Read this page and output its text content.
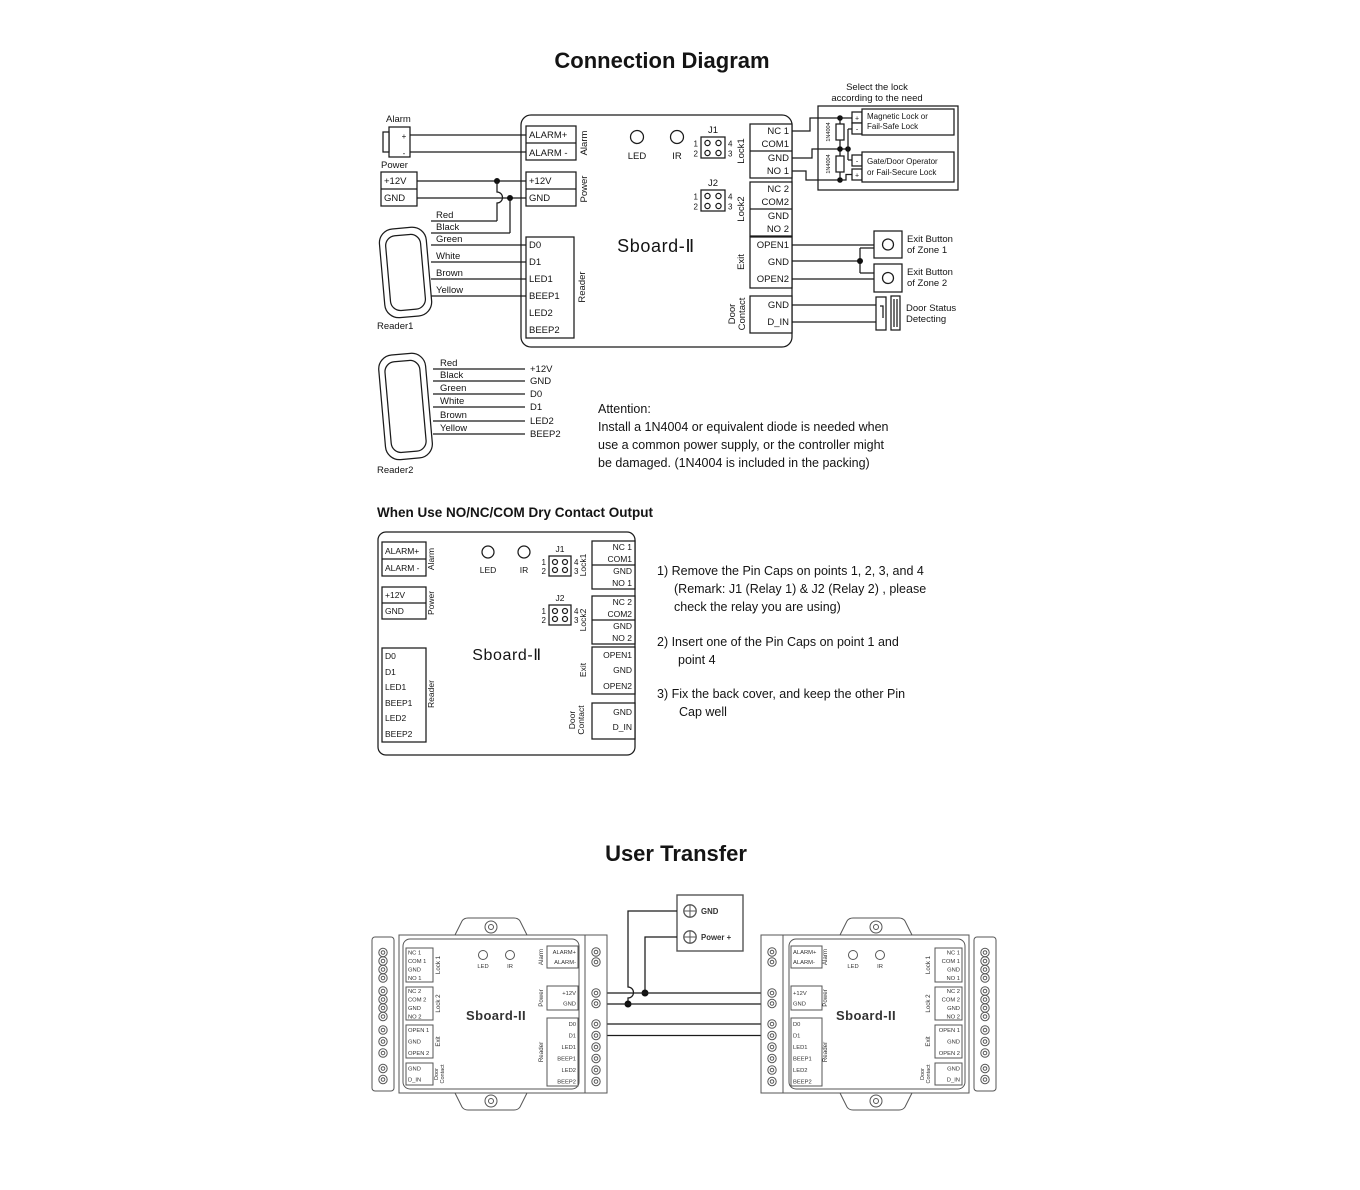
Connection Diagram
ALARM+
ALARM - Alarm
+12V
GND	Power
D0
D1
LED1
BEEP1
LED2
BEEP2
Reader
LED	IR
J1
1
2
4
3
J2
1
2
4
3
Sboard-Ⅱ
NC 1
COM1
GND
NO 1
Lock1
NC 2
COM2
GND
NO 2
Lock2
OPEN1
GND
OPEN2
Exit
GND
D_IN
Door Contact
Alarm
+
-
Power
+12V
GND
Reader1
Red
Black
Green
White
Brown
Yellow
Reader2
Red
Black
Green
White
Brown
Yellow
+12V
GND
D0
D1
LED2
BEEP2
Select the lock
according to the need
1N4004
1N4004
+
-
Magnetic Lock or
Fail-Safe Lock
-
+
Gate/Door Operator
or Fail-Secure Lock
Exit Button
of Zone 1
Exit Button
of Zone 2
Door Status
Detecting
Attention:
Install a 1N4004 or equivalent diode is needed when
use a common power supply, or the controller might
be damaged. (1N4004 is included in the packing)
When Use NO/NC/COM Dry Contact Output
ALARM+
ALARM - Alarm
+12V
GND	Power
D0
D1
LED1
BEEP1
LED2
BEEP2
Reader
LED	IR
J1
1
2
4
3
J2
1
2
4
3
Sboard-Ⅱ
NC 1
COM1
GND
NO 1
Lock1
NC 2
COM2
GND
NO 2
Lock2
OPEN1
GND
OPEN2
Exit
GND
D_IN
Door Contact
1) Remove the Pin Caps on points 1, 2, 3, and 4
(Remark: J1 (Relay 1) & J2 (Relay 2) , please
check the relay you are using)
2) Insert one of the Pin Caps on point 1 and
point 4
3) Fix the back cover, and keep the other Pin
Cap well
User Transfer
GND
Power +
NC 1
COM 1
GND
NO 1
Lock 1
NC 2
COM 2
GND
NO 2
Lock 2
OPEN 1
GND
OPEN 2
Exit
GND
D_IN
Door Contact
LED	IR
Sboard-II
ALARM+
ALARM-
Alarm
+12V
GND
Power
D0
D1
LED1
BEEP1
LED2
BEEP2
Reader
ALARM+
ALARM- Alarm
+12V
GND	Power
D0
D1
LED1
BEEP1
LED2
BEEP2
Reader
LED	IR
Sboard-II
NC 1
COM 1
GND
NO 1
Lock 1
NC 2
COM 2
GND
NO 2
Lock 2
OPEN 1
GND
OPEN 2
Exit
GND
D_IN
Door Contact
